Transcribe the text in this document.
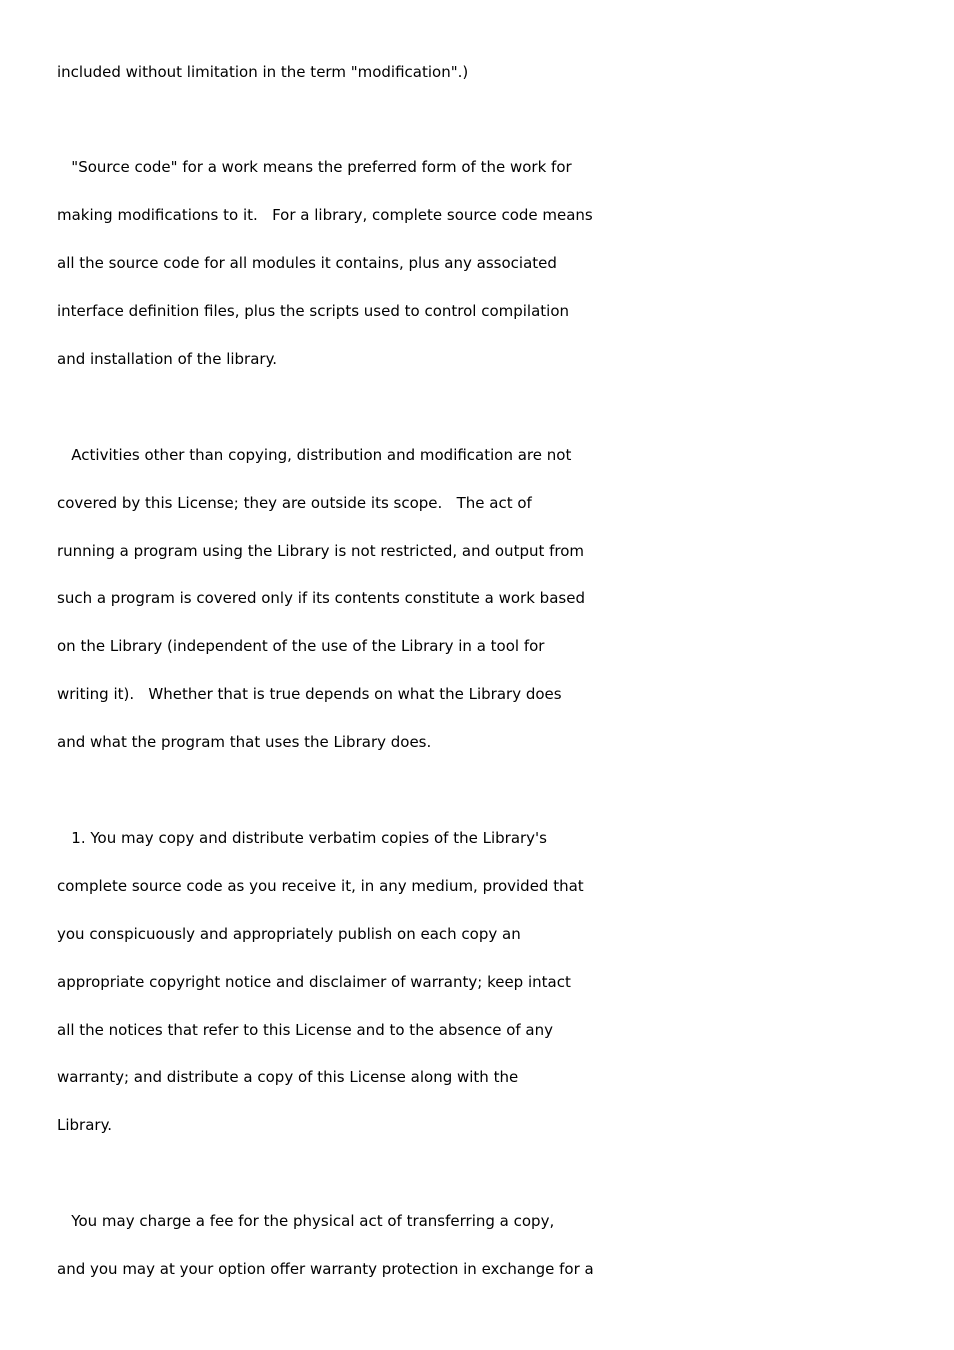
included without limitation in the term "modification".)
"Source code" for a work means the preferred form of the work for
making modifications to it.   For a library, complete source code means
all the source code for all modules it contains, plus any associated
interface definition files, plus the scripts used to control compilation
and installation of the library.
Activities other than copying, distribution and modification are not
covered by this License; they are outside its scope.   The act of
running a program using the Library is not restricted, and output from
such a program is covered only if its contents constitute a work based
on the Library (independent of the use of the Library in a tool for
writing it).   Whether that is true depends on what the Library does
and what the program that uses the Library does.
1. You may copy and distribute verbatim copies of the Library's
complete source code as you receive it, in any medium, provided that
you conspicuously and appropriately publish on each copy an
appropriate copyright notice and disclaimer of warranty; keep intact
all the notices that refer to this License and to the absence of any
warranty; and distribute a copy of this License along with the
Library.
You may charge a fee for the physical act of transferring a copy,
and you may at your option offer warranty protection in exchange for a
